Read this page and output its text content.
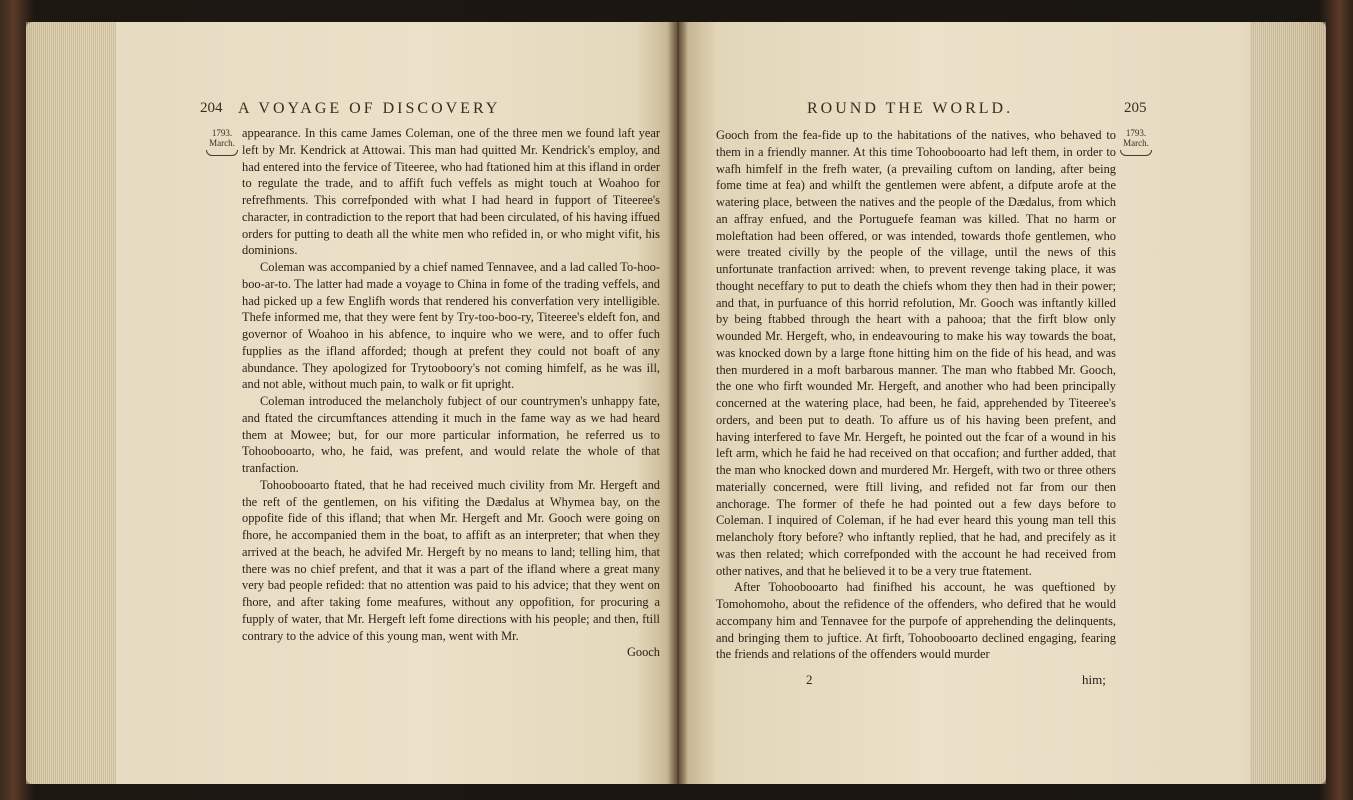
A VOYAGE OF DISCOVERY
204
1793.
March.

appearance. In this came James Coleman, one of the three men we found laft year left by Mr. Kendrick at Attowai. This man had quitted Mr. Kendrick's employ, and had entered into the fervice of Titeeree, who had ftationed him at this ifland in order to regulate the trade, and to affift fuch veffels as might touch at Woahoo for refrefhments. This correfponded with what I had heard in fupport of Titeeree's character, in contradiction to the report that had been circulated, of his having iffued orders for putting to death all the white men who refided in, or who might vifit, his dominions.

Coleman was accompanied by a chief named Tennavee, and a lad called To-hoo-boo-ar-to. The latter had made a voyage to China in fome of the trading veffels, and had picked up a few Englifh words that rendered his converfation very intelligible. Thefe informed me, that they were fent by Try-too-boo-ry, Titeeree's eldeft fon, and governor of Woahoo in his abfence, to inquire who we were, and to offer fuch fupplies as the ifland afforded; though at prefent they could not boaft of any abundance. They apologized for Trytooboory's not coming himfelf, as he was ill, and not able, without much pain, to walk or fit upright.

Coleman introduced the melancholy fubject of our countrymen's unhappy fate, and ftated the circumftances attending it much in the fame way as we had heard them at Mowee; but, for our more particular information, he referred us to Tohoobooarto, who, he faid, was prefent, and would relate the whole of that tranfaction.

Tohoobooarto ftated, that he had received much civility from Mr. Hergeft and the reft of the gentlemen, on his vifiting the Dædalus at Whymea bay, on the oppofite fide of this ifland; that when Mr. Hergeft and Mr. Gooch were going on fhore, he accompanied them in the boat, to affift as an interpreter; that when they arrived at the beach, he advifed Mr. Hergeft by no means to land; telling him, that there was no chief prefent, and that it was a part of the ifland where a great many very bad people refided: that no attention was paid to his advice; that they went on fhore, and after taking fome meafures, without any oppofition, for procuring a fupply of water, that Mr. Hergeft left fome directions with his people; and then, ftill contrary to the advice of this young man, went with Mr.

Gooch

ROUND THE WORLD.	205
1793.
March.

Gooch from the fea-fide up to the habitations of the natives, who behaved to them in a friendly manner. At this time Tohoobooarto had left them, in order to wafh himfelf in the frefh water, (a prevailing cuftom on landing, after being fome time at fea) and whilft the gentlemen were abfent, a difpute arofe at the watering place, between the natives and the people of the Dædalus, from which an affray enfued, and the Portuguefe feaman was killed. That no harm or moleftation had been offered, or was intended, towards thofe gentlemen, who were treated civilly by the people of the village, until the news of this unfortunate tranfaction arrived: when, to prevent revenge taking place, it was thought neceffary to put to death the chiefs whom they then had in their power; and that, in purfuance of this horrid refolution, Mr. Gooch was inftantly killed by being ftabbed through the heart with a pahooa; that the firft blow only wounded Mr. Hergeft, who, in endeavouring to make his way towards the boat, was knocked down by a large ftone hitting him on the fide of his head, and was then murdered in a moft barbarous manner. The man who ftabbed Mr. Gooch, the one who firft wounded Mr. Hergeft, and another who had been principally concerned at the watering place, had been, he faid, apprehended by Titeeree's orders, and been put to death. To affure us of his having been prefent, and having interfered to fave Mr. Hergeft, he pointed out the fcar of a wound in his left arm, which he faid he had received on that occafion; and further added, that the man who knocked down and murdered Mr. Hergeft, with two or three others materially concerned, were ftill living, and refided not far from our then anchorage. The former of thefe he had pointed out a few days before to Coleman. I inquired of Coleman, if he had ever heard this young man tell this melancholy ftory before? who inftantly replied, that he had, and precifely as it was then related; which correfponded with the account he had received from other natives, and that he believed it to be a very true ftatement.

After Tohoobooarto had finifhed his account, he was queftioned by Tomohomoho, about the refidence of the offenders, who defired that he would accompany him and Tennavee for the purpofe of apprehending the delinquents, and bringing them to juftice. At firft, Tohoobooarto declined engaging, fearing the friends and relations of the offenders would murder

2	him;
